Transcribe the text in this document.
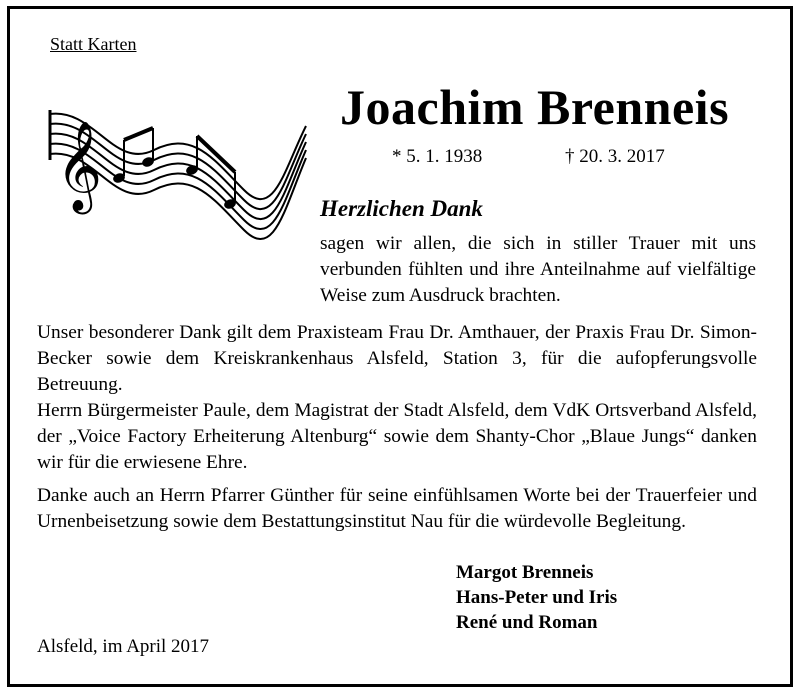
Statt Karten
𝄞
Joachim Brenneis
* 5. 1. 1938	† 20. 3. 2017
Herzlichen Dank
sagen wir allen, die sich in stiller Trauer mit uns verbunden fühlten und ihre Anteilnahme auf vielfältige Weise zum Ausdruck brachten.
Unser besonderer Dank gilt dem Praxisteam Frau Dr. Amthauer, der Praxis Frau Dr. Simon-Becker sowie dem Kreiskrankenhaus Alsfeld, Station 3, für die aufopferungsvolle Betreuung.
Herrn Bürgermeister Paule, dem Magistrat der Stadt Alsfeld, dem VdK Ortsverband Alsfeld, der „Voice Factory Erheiterung Altenburg“ sowie dem Shanty-Chor „Blaue Jungs“ danken wir für die erwiesene Ehre.
Danke auch an Herrn Pfarrer Günther für seine einfühlsamen Worte bei der Trauerfeier und Urnenbeisetzung sowie dem Bestattungsinstitut Nau für die würdevolle Begleitung.
Margot Brenneis
Hans-Peter und Iris
René und Roman
Alsfeld, im April 2017
